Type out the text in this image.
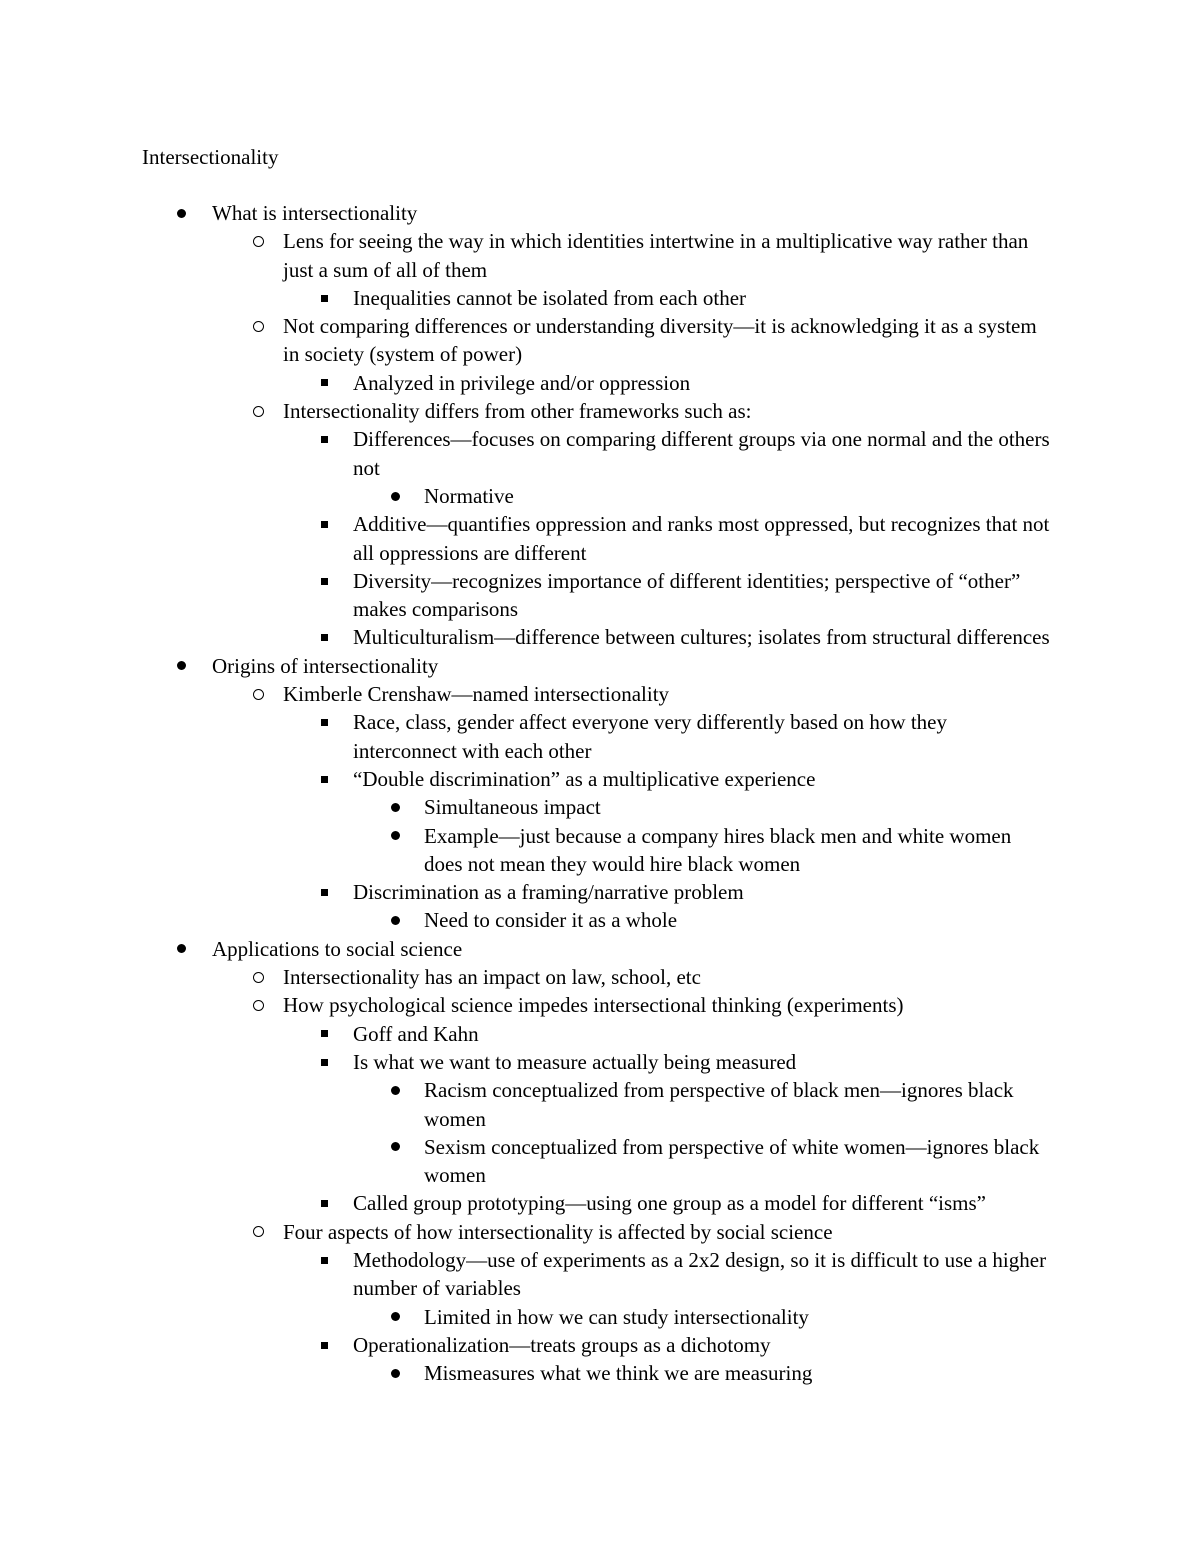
Intersectionality
What is intersectionality
Lens for seeing the way in which identities intertwine in a multiplicative way rather than just a sum of all of them
Inequalities cannot be isolated from each other
Not comparing differences or understanding diversity—it is acknowledging it as a system in society (system of power)
Analyzed in privilege and/or oppression
Intersectionality differs from other frameworks such as:
Differences—focuses on comparing different groups via one normal and the others not
Normative
Additive—quantifies oppression and ranks most oppressed, but recognizes that not all oppressions are different
Diversity—recognizes importance of different identities; perspective of “other” makes comparisons
Multiculturalism—difference between cultures; isolates from structural differences
Origins of intersectionality
Kimberle Crenshaw—named intersectionality
Race, class, gender affect everyone very differently based on how they interconnect with each other
“Double discrimination” as a multiplicative experience
Simultaneous impact
Example—just because a company hires black men and white women does not mean they would hire black women
Discrimination as a framing/narrative problem
Need to consider it as a whole
Applications to social science
Intersectionality has an impact on law, school, etc
How psychological science impedes intersectional thinking (experiments)
Goff and Kahn
Is what we want to measure actually being measured
Racism conceptualized from perspective of black men—ignores black women
Sexism conceptualized from perspective of white women—ignores black women
Called group prototyping—using one group as a model for different “isms”
Four aspects of how intersectionality is affected by social science
Methodology—use of experiments as a 2x2 design, so it is difficult to use a higher number of variables
Limited in how we can study intersectionality
Operationalization—treats groups as a dichotomy
Mismeasures what we think we are measuring
